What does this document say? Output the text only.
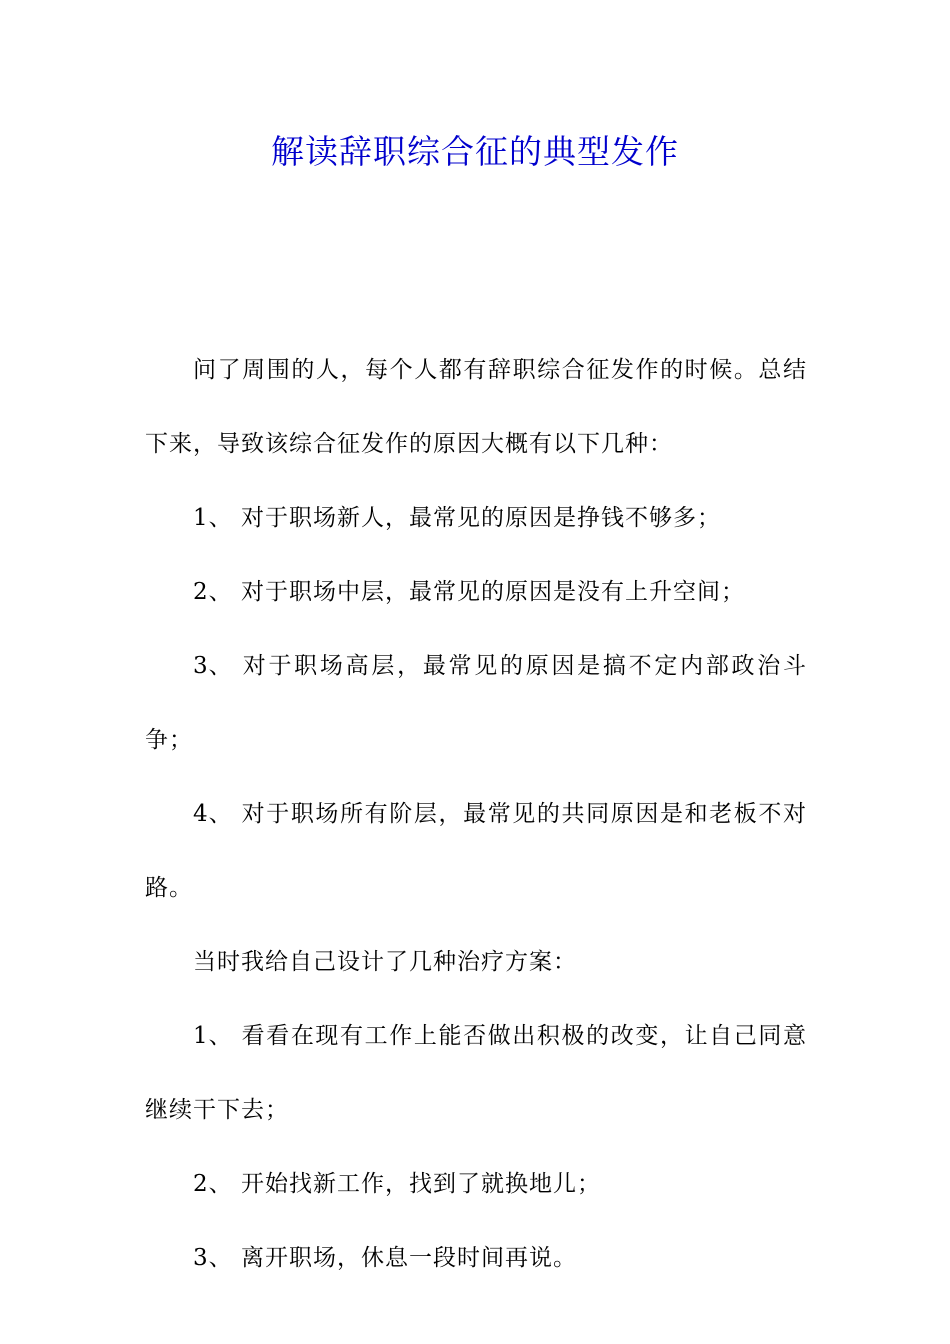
解读辞职综合征的典型发作

问了周围的人，每个人都有辞职综合征发作的时候。总结下来，导致该综合征发作的原因大概有以下几种：

1、 对于职场新人，最常见的原因是挣钱不够多；

2、 对于职场中层，最常见的原因是没有上升空间；

3、 对于职场高层，最常见的原因是搞不定内部政治斗争；

4、 对于职场所有阶层，最常见的共同原因是和老板不对路。

当时我给自己设计了几种治疗方案：

1、 看看在现有工作上能否做出积极的改变，让自己同意继续干下去；

2、 开始找新工作，找到了就换地儿；

3、 离开职场，休息一段时间再说。
